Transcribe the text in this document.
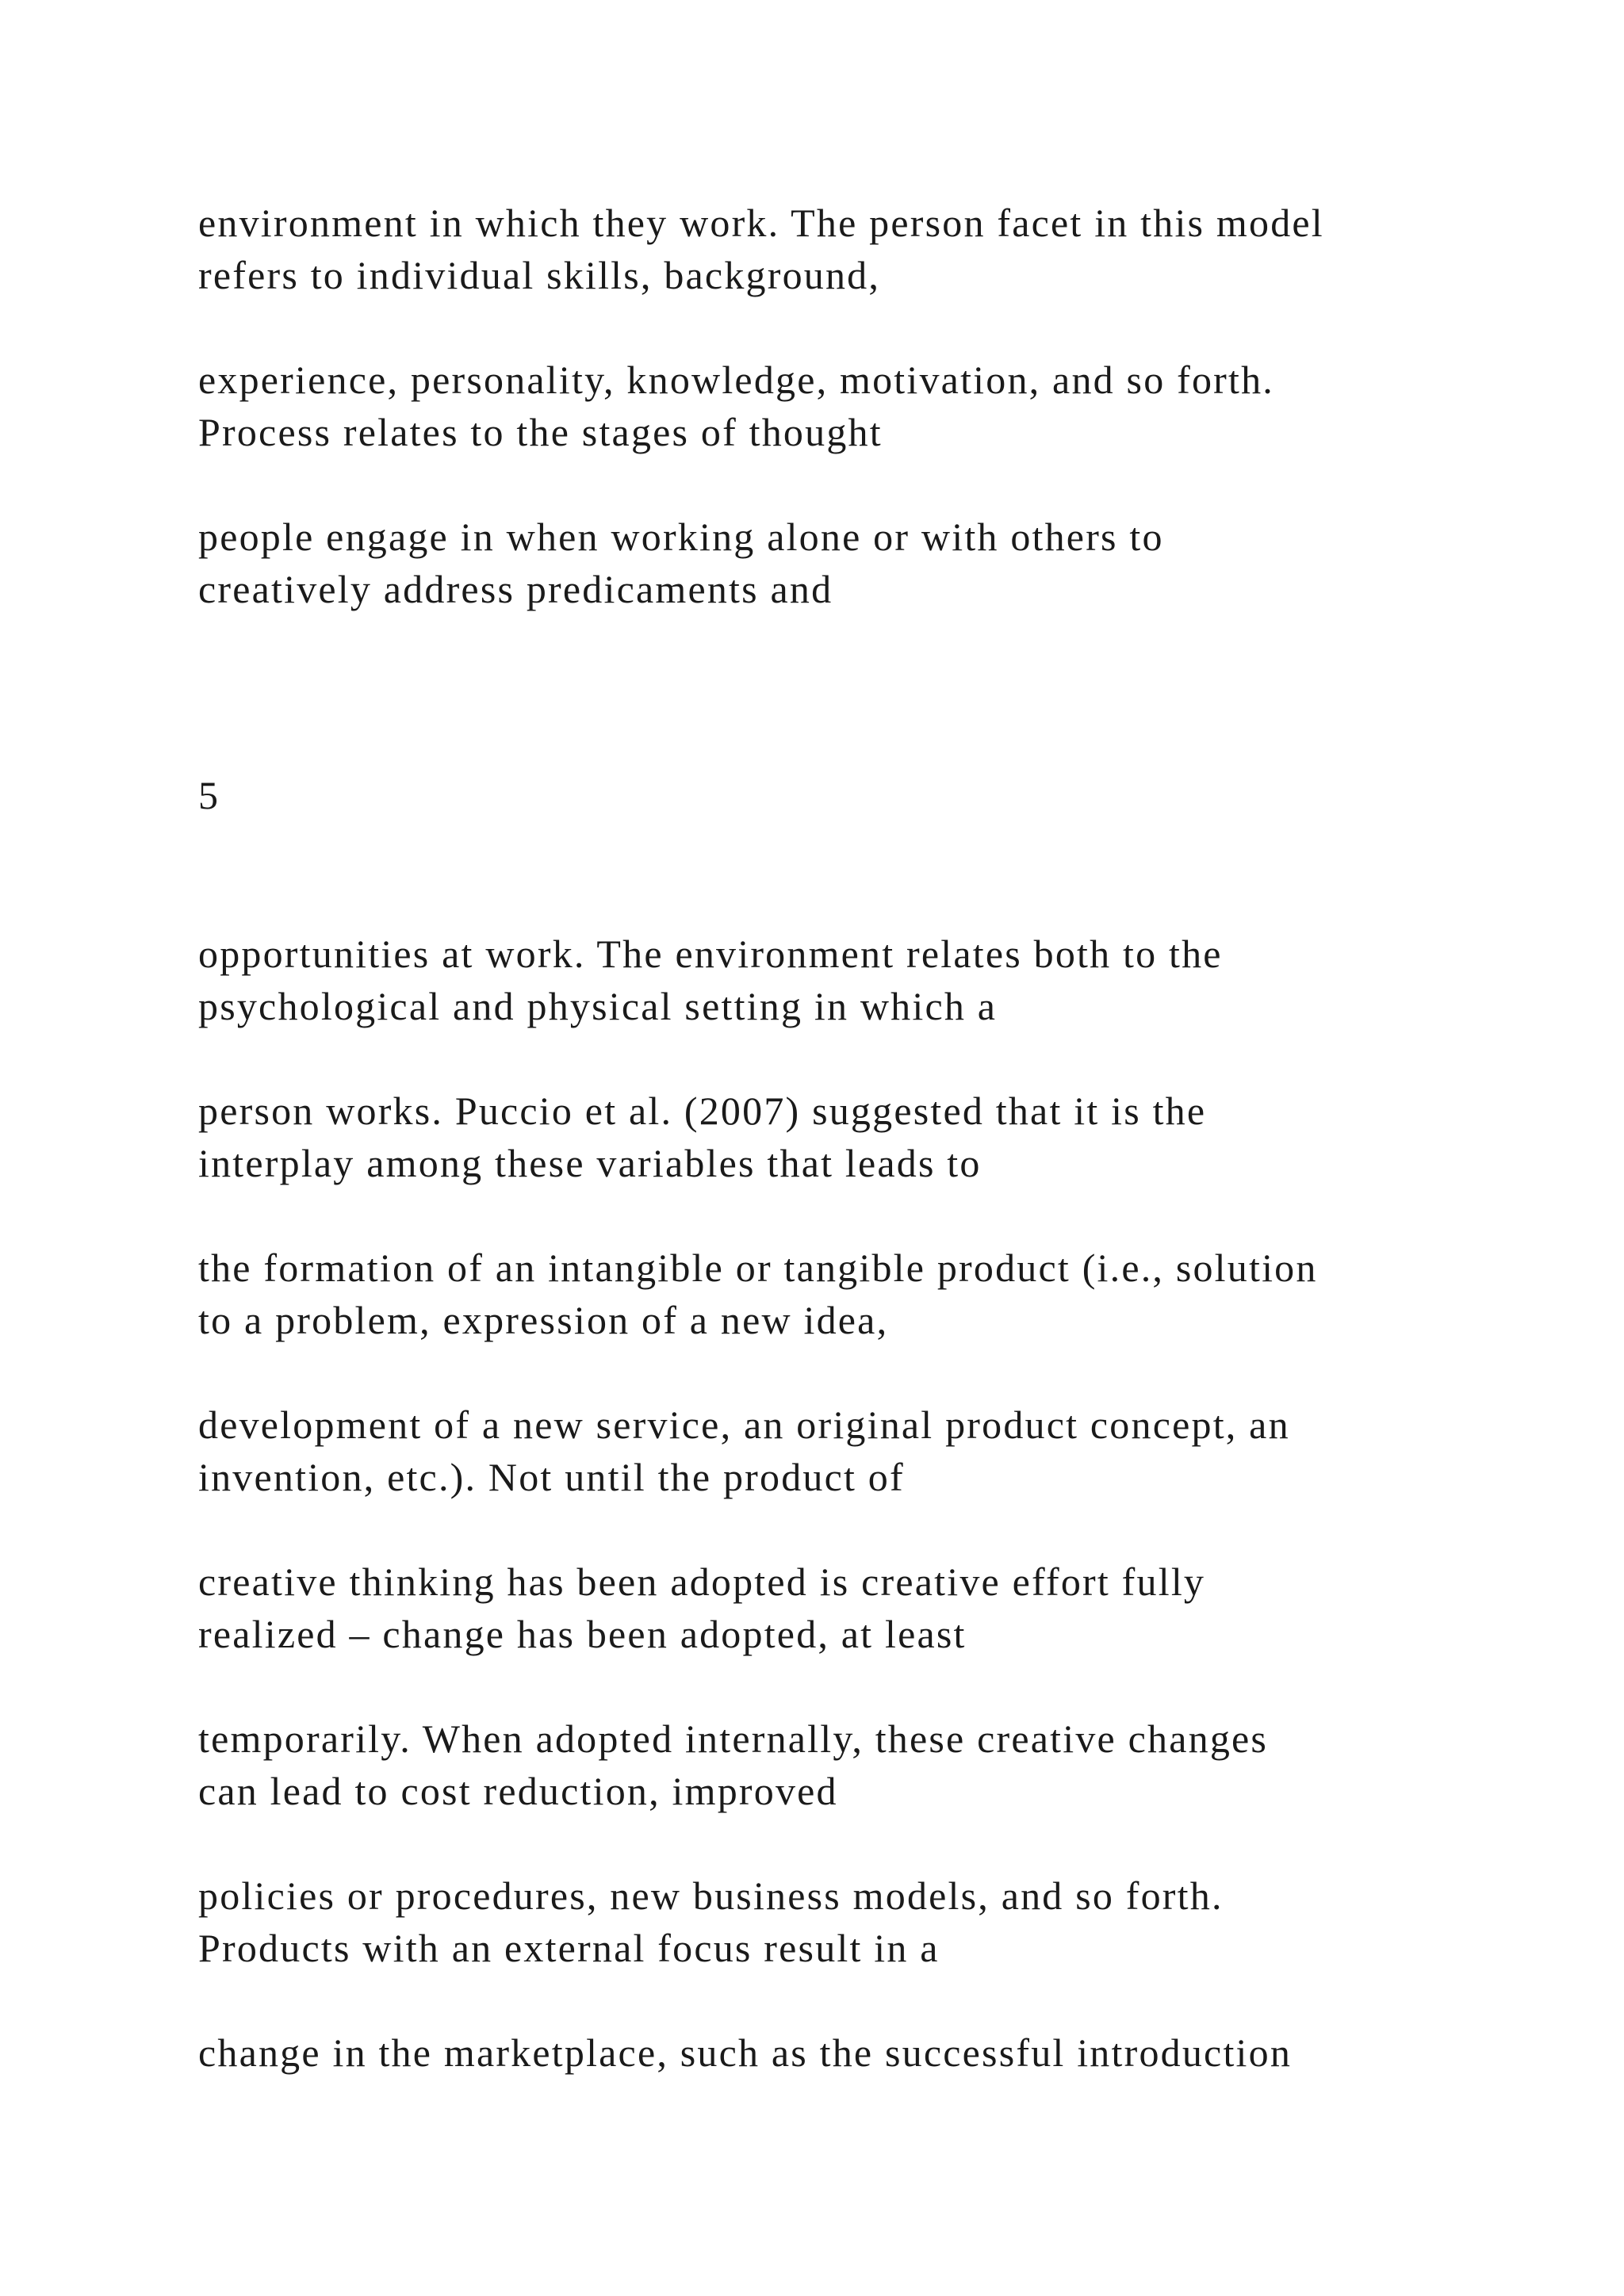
environment in which they work. The person facet in this model
refers to individual skills, background,
experience, personality, knowledge, motivation, and so forth.
Process relates to the stages of thought
people engage in when working alone or with others to
creatively address predicaments and
5
opportunities at work. The environment relates both to the
psychological and physical setting in which a
person works. Puccio et al. (2007) suggested that it is the
interplay among these variables that leads to
the formation of an intangible or tangible product (i.e., solution
to a problem, expression of a new idea,
development of a new service, an original product concept, an
invention, etc.). Not until the product of
creative thinking has been adopted is creative effort fully
realized – change has been adopted, at least
temporarily. When adopted internally, these creative changes
can lead to cost reduction, improved
policies or procedures, new business models, and so forth.
Products with an external focus result in a
change in the marketplace, such as the successful introduction
